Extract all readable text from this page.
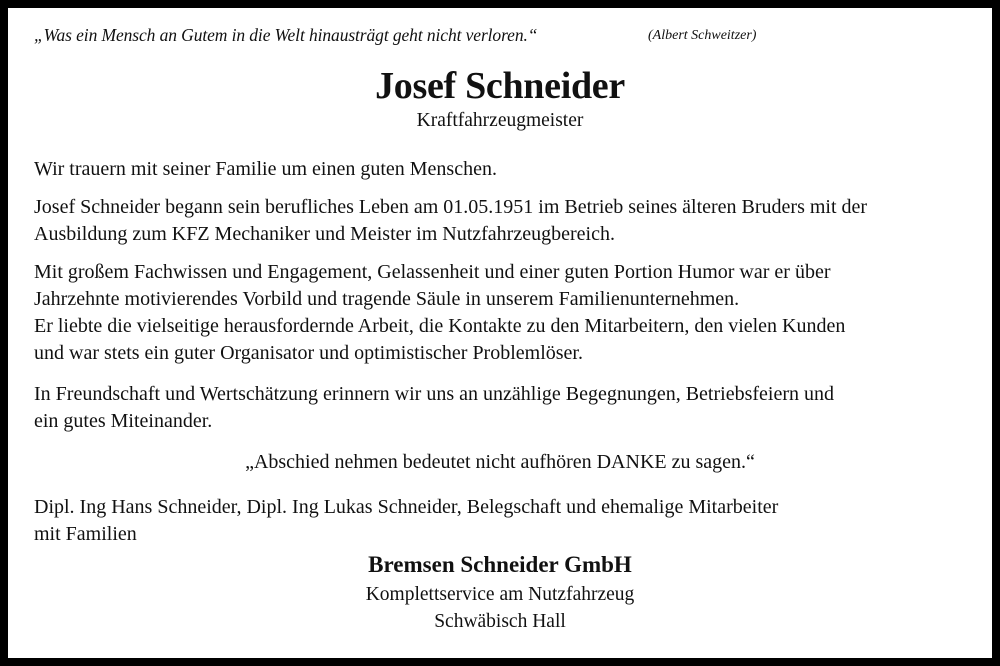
„Was ein Mensch an Gutem in die Welt hinausträgt geht nicht verloren.“	(Albert Schweitzer)
Josef Schneider
Kraftfahrzeugmeister
Wir trauern mit seiner Familie um einen guten Menschen.
Josef Schneider begann sein berufliches Leben am 01.05.1951 im Betrieb seines älteren Bruders mit der
Ausbildung zum KFZ Mechaniker und Meister im Nutzfahrzeugbereich.
Mit großem Fachwissen und Engagement, Gelassenheit und einer guten Portion Humor war er über
Jahrzehnte motivierendes Vorbild und tragende Säule in unserem Familienunternehmen.
Er liebte die vielseitige herausfordernde Arbeit, die Kontakte zu den Mitarbeitern, den vielen Kunden
und war stets ein guter Organisator und optimistischer Problemlöser.
In Freundschaft und Wertschätzung erinnern wir uns an unzählige Begegnungen, Betriebsfeiern und
ein gutes Miteinander.
„Abschied nehmen bedeutet nicht aufhören DANKE zu sagen.“
Dipl. Ing Hans Schneider, Dipl. Ing Lukas Schneider, Belegschaft und ehemalige Mitarbeiter
mit Familien
Bremsen Schneider GmbH
Komplettservice am Nutzfahrzeug
Schwäbisch Hall
